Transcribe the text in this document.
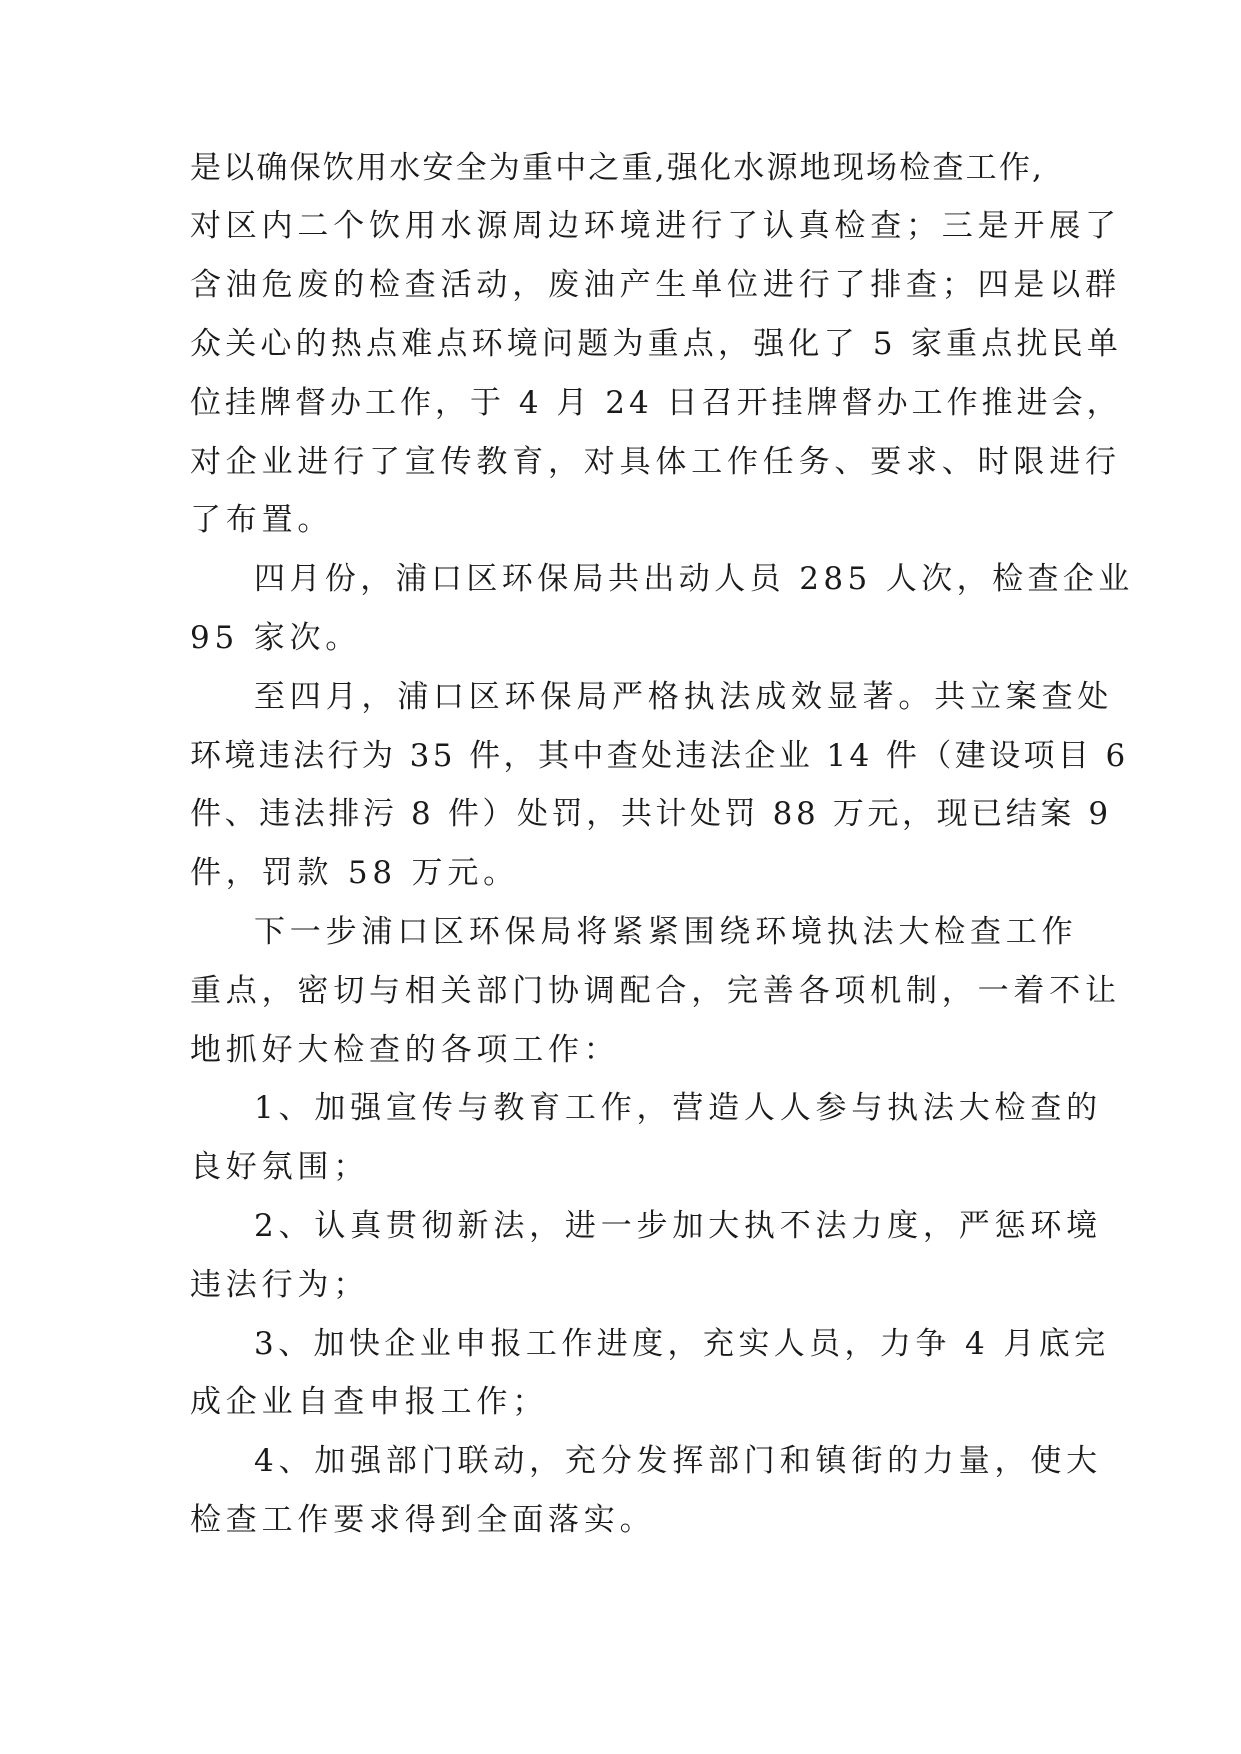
是以确保饮用水安全为重中之重,强化水源地现场检查工作,
对区内二个饮用水源周边环境进行了认真检查；三是开展了
含油危废的检查活动，废油产生单位进行了排查；四是以群
众关心的热点难点环境问题为重点，强化了 5 家重点扰民单
位挂牌督办工作，于 4 月 24 日召开挂牌督办工作推进会，
对企业进行了宣传教育，对具体工作任务、要求、时限进行
了布置。
四月份，浦口区环保局共出动人员 285 人次，检查企业
95 家次。
至四月，浦口区环保局严格执法成效显著。共立案查处
环境违法行为 35 件，其中查处违法企业 14 件（建设项目 6
件、违法排污 8 件）处罚，共计处罚 88 万元，现已结案 9
件，罚款 58 万元。
下一步浦口区环保局将紧紧围绕环境执法大检查工作
重点，密切与相关部门协调配合，完善各项机制，一着不让
地抓好大检查的各项工作：
1、加强宣传与教育工作，营造人人参与执法大检查的
良好氛围；
2、认真贯彻新法，进一步加大执不法力度，严惩环境
违法行为；
3、加快企业申报工作进度，充实人员，力争 4 月底完
成企业自查申报工作；
4、加强部门联动，充分发挥部门和镇街的力量，使大
检查工作要求得到全面落实。
